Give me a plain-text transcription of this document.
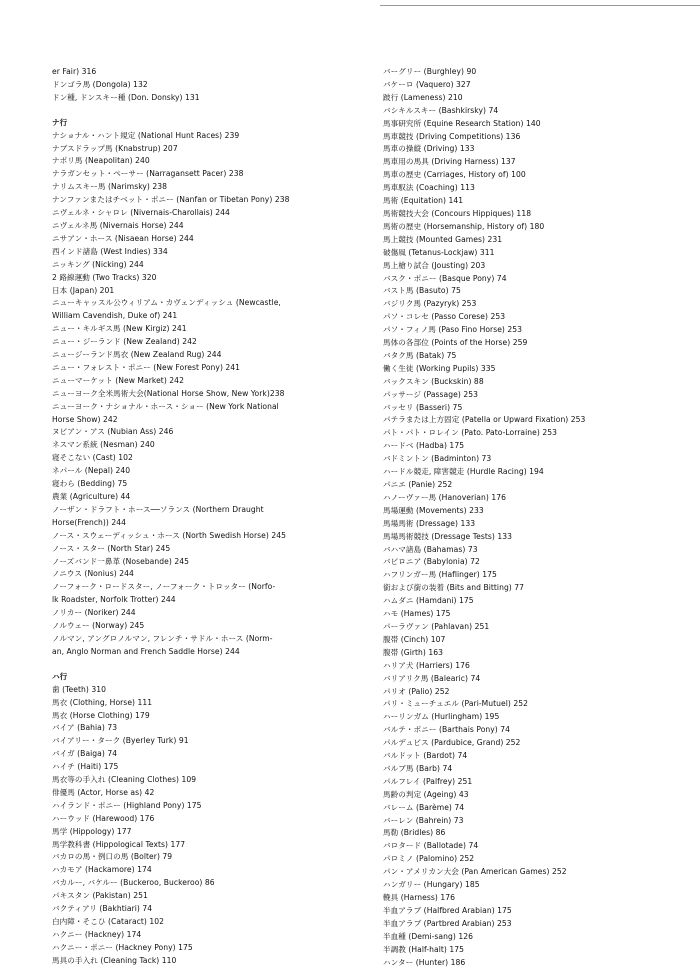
er Fair) 316
ドンゴラ馬 (Dongola) 132
ドン種, ドンスキー種 (Don. Donsky) 131
ナ行
ナショナル・ハント規定 (National Hunt Races) 239
ナブスドラップ馬 (Knabstrup) 207
ナポリ馬 (Neapolitan) 240
ナラガンセット・ペーサー (Narragansett Pacer) 238
ナリムスキー馬 (Narimsky) 238
ナンファンまたはチベット・ポニー (Nanfan or Tibetan Pony) 238
ニヴェルネ・シャロレ (Nivernais-Charollais) 244
ニヴェルネ馬 (Nivernais Horse) 244
ニサアン・ホース (Nisaean Horse) 244
西インド諸島 (West Indies) 334
ニッキング (Nicking) 244
2 路線運動 (Two Tracks) 320
日本 (Japan) 201
ニューキャッスル公ウィリアム・カヴェンディッシュ (Newcastle,
William Cavendish, Duke of) 241
ニュー・キルギス馬 (New Kirgiz) 241
ニュー・ジーランド (New Zealand) 242
ニュージーランド馬衣 (New Zealand Rug) 244
ニュー・フォレスト・ポニー (New Forest Pony) 241
ニューマーケット (New Market) 242
ニューヨーク全米馬術大会(National Horse Show, New York)238
ニューヨーク・ナショナル・ホース・ショー (New York National
Horse Show) 242
ヌビアン・アス (Nubian Ass) 246
ネスマン系統 (Nesman) 240
寝そこない (Cast) 102
ネパール (Nepal) 240
寝わら (Bedding) 75
農業 (Agriculture) 44
ノーザン・ドラフト・ホース──ソランス (Northern Draught
Horse(French)) 244
ノース・スウェーディッシュ・ホース (North Swedish Horse) 245
ノース・スター (North Star) 245
ノーズバンド一鼻革 (Nosebande) 245
ノニウス (Nonius) 244
ノーフォーク・ロードスター, ノーフォーク・トロッター (Norfo-
lk Roadster, Norfolk Trotter) 244
ノリカー (Noriker) 244
ノルウェー (Norway) 245
ノルマン, アングロノルマン, フレンチ・サドル・ホース (Norm-
an, Anglo Norman and French Saddle Horse) 244
ハ行
歯 (Teeth) 310
馬衣 (Clothing, Horse) 111
馬衣 (Horse Clothing) 179
バイア (Bahia) 73
バイアリー・ターク (Byerley Turk) 91
バイガ (Baiga) 74
ハイチ (Haiti) 175
馬衣等の手入れ (Cleaning Clothes) 109
俳優馬 (Actor, Horse as) 42
ハイランド・ポニー (Highland Pony) 175
ハーウッド (Harewood) 176
馬学 (Hippology) 177
馬学教科書 (Hippological Texts) 177
バカロの馬・例口の馬 (Bolter) 79
ハカモア (Hackamore) 174
バカルー, バケルー (Buckeroo, Buckeroo) 86
パキスタン (Pakistan) 251
バクティアリ (Bakhtiari) 74
白内障・そこひ (Cataract) 102
ハクニー (Hackney) 174
ハクニー・ポニー (Hackney Pony) 175
馬具の手入れ (Cleaning Tack) 110
バーグリー (Burghley) 90
バケーロ (Vaquero) 327
跛行 (Lameness) 210
バシキルスキー (Bashkirsky) 74
馬事研究所 (Equine Research Station) 140
馬車競技 (Driving Competitions) 136
馬車の操縦 (Driving) 133
馬車用の馬具 (Driving Harness) 137
馬車の歴史 (Carriages, History of) 100
馬車馭法 (Coaching) 113
馬術 (Equitation) 141
馬術競技大会 (Concours Hippiques) 118
馬術の歴史 (Horsemanship, History of) 180
馬上競技 (Mounted Games) 231
破傷風 (Tetanus-Lockjaw) 311
馬上槍り試合 (Jousting) 203
バスク・ポニー (Basque Pony) 74
バスト馬 (Basuto) 75
バジリク馬 (Pazyryk) 253
パソ・コレセ (Passo Corese) 253
パソ・フィノ馬 (Paso Fino Horse) 253
馬体の各部位 (Points of the Horse) 259
バタク馬 (Batak) 75
働く生徒 (Working Pupils) 335
バックスキン (Buckskin) 88
パッサージ (Passage) 253
バッセリ (Basseri) 75
パテラまたは上方固定 (Patella or Upward Fixation) 253
パト・パト・ロレイン (Pato. Pato-Lorraine) 253
ハードベ (Hadba) 175
バドミントン (Badminton) 73
ハードル競走, 障害競走 (Hurdle Racing) 194
パニエ (Panie) 252
ハノーヴァー馬 (Hanoverian) 176
馬場運動 (Movements) 233
馬場馬術 (Dressage) 133
馬場馬術競技 (Dressage Tests) 133
バハマ諸島 (Bahamas) 73
バビロニア (Babylonia) 72
ハフリンガー馬 (Haflinger) 175
銜および銜の装着 (Bits and Bitting) 77
ハムダニ (Hamdani) 175
ハモ (Hames) 175
パーラヴァン (Pahlavan) 251
腹帯 (Cinch) 107
腹帯 (Girth) 163
ハリア犬 (Harriers) 176
バリアリク馬 (Balearic) 74
パリオ (Palio) 252
パリ・ミューチュエル (Pari-Mutuel) 252
ハーリンガム (Hurlingham) 195
バルテ・ポニー (Barthais Pony) 74
パルデュビス (Pardubice, Grand) 252
バルドット (Bardot) 74
バルブ馬 (Barb) 74
パルフレイ (Palfrey) 251
馬齢の判定 (Ageing) 43
バレーム (Barème) 74
バーレン (Bahrein) 73
馬勒 (Bridles) 86
バロタード (Ballotade) 74
パロミノ (Palomino) 252
パン・アメリカン大会 (Pan American Games) 252
ハンガリー (Hungary) 185
輓具 (Harness) 176
半血アラブ (Halfbred Arabian) 175
半血アラブ (Partbred Arabian) 253
半血種 (Demi-sang) 126
半調教 (Half-halt) 175
ハンター (Hunter) 186
